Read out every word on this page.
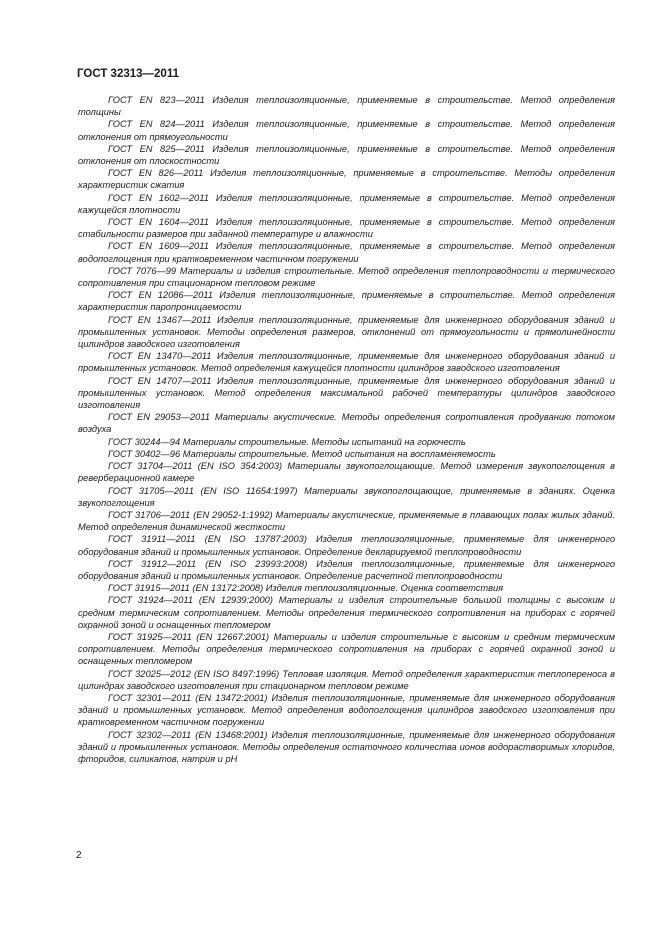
ГОСТ 32313—2011

ГОСТ EN 823—2011 Изделия теплоизоляционные, применяемые в строительстве. Метод определения толщины

ГОСТ EN 824—2011 Изделия теплоизоляционные, применяемые в строительстве. Метод определения отклонения от прямоугольности

ГОСТ EN 825—2011 Изделия теплоизоляционные, применяемые в строительстве. Метод определения отклонения от плоскостности

ГОСТ EN 826—2011 Изделия теплоизоляционные, применяемые в строительстве. Методы определения характеристик сжатия

ГОСТ EN 1602—2011 Изделия теплоизоляционные, применяемые в строительстве. Метод определения кажущейся плотности

ГОСТ EN 1604—2011 Изделия теплоизоляционные, применяемые в строительстве. Метод определения стабильности размеров при заданной температуре и влажности

ГОСТ EN 1609—2011 Изделия теплоизоляционные, применяемые в строительстве. Метод определения водопоглощения при кратковременном частичном погружении

ГОСТ 7076—99 Материалы и изделия строительные. Метод определения теплопроводности и термического сопротивления при стационарном тепловом режиме

ГОСТ EN 12086—2011 Изделия теплоизоляционные, применяемые в строительстве. Метод определения характеристик паропроницаемости

ГОСТ EN 13467—2011 Изделия теплоизоляционные, применяемые для инженерного оборудования зданий и промышленных установок. Методы определения размеров, отклонений от прямоугольности и прямолинейности цилиндров заводского изготовления

ГОСТ EN 13470—2011 Изделия теплоизоляционные, применяемые для инженерного оборудования зданий и промышленных установок. Метод определения кажущейся плотности цилиндров заводского изготовления

ГОСТ EN 14707—2011 Изделия теплоизоляционные, применяемые для инженерного оборудования зданий и промышленных установок. Метод определения максимальной рабочей температуры цилиндров заводского изготовления

ГОСТ EN 29053—2011 Материалы акустические. Методы определения сопротивления продуванию потоком воздуха

ГОСТ 30244—94 Материалы строительные. Методы испытаний на горючесть

ГОСТ 30402—96 Материалы строительные. Метод испытания на воспламеняемость

ГОСТ 31704—2011 (EN ISO 354:2003) Материалы звукопоглощающие. Метод измерения звукопоглощения в реверберационной камере

ГОСТ 31705—2011 (EN ISO 11654:1997) Материалы звукопоглощающие, применяемые в зданиях. Оценка звукопоглощения

ГОСТ 31706—2011 (EN 29052-1:1992) Материалы акустические, применяемые в плавающих полах жилых зданий. Метод определения динамической жесткости

ГОСТ 31911—2011 (EN ISO 13787:2003) Изделия теплоизоляционные, применяемые для инженерного оборудования зданий и промышленных установок. Определение декларируемой теплопроводности

ГОСТ 31912—2011 (EN ISO 23993:2008) Изделия теплоизоляционные, применяемые для инженерного оборудования зданий и промышленных установок. Определение расчетной теплопроводности

ГОСТ 31915—2011 (EN 13172:2008) Изделия теплоизоляционные. Оценка соответствия

ГОСТ 31924—2011 (EN 12939:2000) Материалы и изделия строительные большой толщины с высоким и средним термическим сопротивлением. Методы определения термического сопротивления на приборах с горячей охранной зоной и оснащенных тепломером

ГОСТ 31925—2011 (EN 12667:2001) Материалы и изделия строительные с высоким и средним термическим сопротивлением. Методы определения термического сопротивления на приборах с горячей охранной зоной и оснащенных тепломером

ГОСТ 32025—2012 (EN ISO 8497:1996) Тепловая изоляция. Метод определения характеристик теплопереноса в цилиндрах заводского изготовления при стационарном тепловом режиме

ГОСТ 32301—2011 (EN 13472:2001) Изделия теплоизоляционные, применяемые для инженерного оборудования зданий и промышленных установок. Метод определения водопоглощения цилиндров заводского изготовления при кратковременном частичном погружении

ГОСТ 32302—2011 (EN 13468:2001) Изделия теплоизоляционные, применяемые для инженерного оборудования зданий и промышленных установок. Методы определения остаточного количества ионов водорастворимых хлоридов, фторидов, силикатов, натрия и pH

2
